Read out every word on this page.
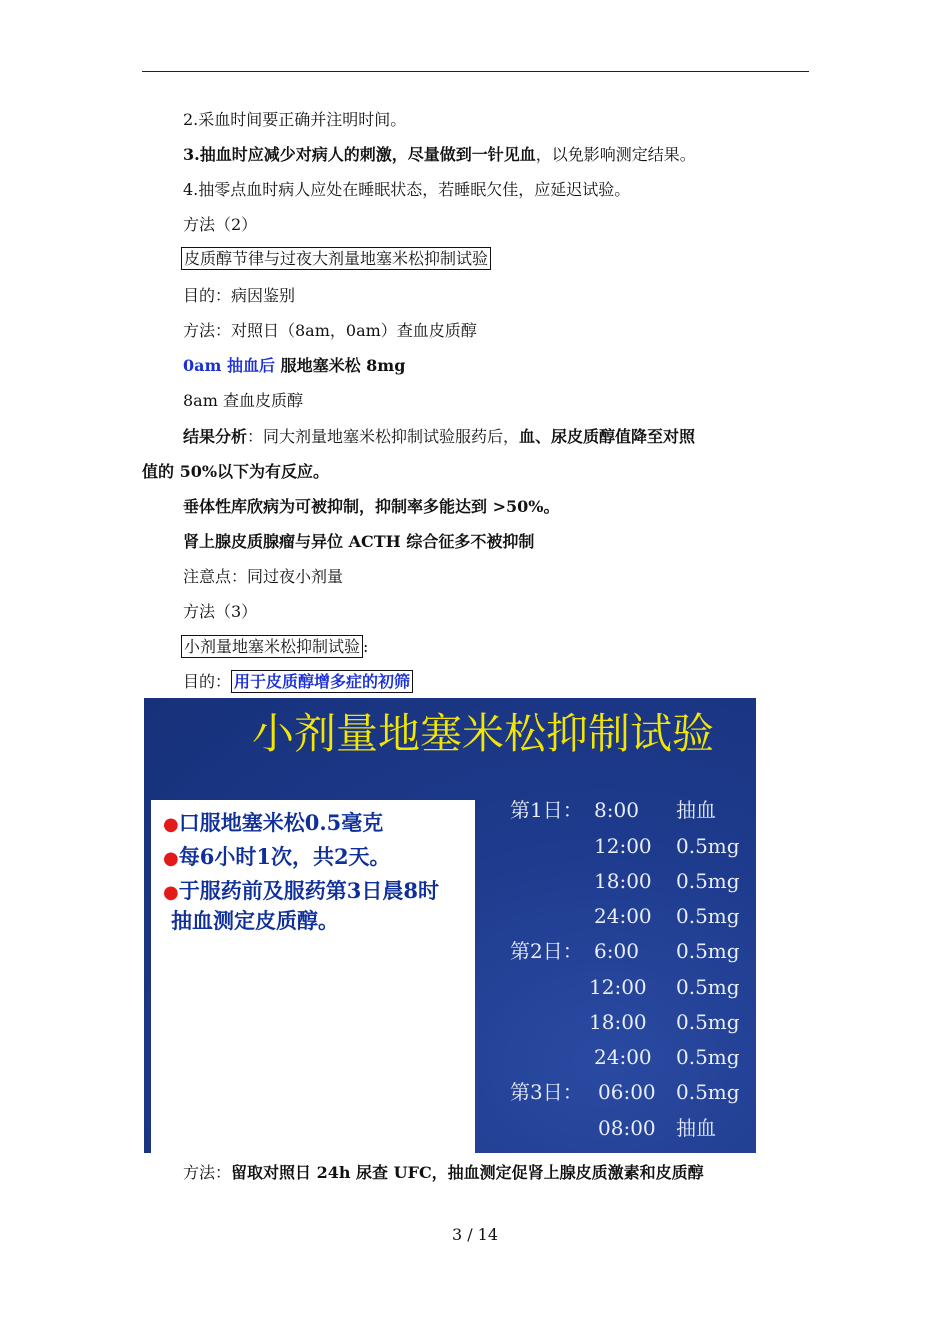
2.采血时间要正确并注明时间。
3.抽血时应减少对病人的刺激，尽量做到一针见血，以免影响测定结果。
4.抽零点血时病人应处在睡眠状态，若睡眠欠佳，应延迟试验。
方法（2）
皮质醇节律与过夜大剂量地塞米松抑制试验
目的：病因鉴别
方法：对照日（8am，0am）查血皮质醇
0am 抽血后 服地塞米松 8mg
8am 查血皮质醇
结果分析：同大剂量地塞米松抑制试验服药后，血、尿皮质醇值降至对照
值的 50%以下为有反应。
垂体性库欣病为可被抑制，抑制率多能达到 >50%。
肾上腺皮质腺瘤与异位 ACTH 综合征多不被抑制
注意点：同过夜小剂量
方法（3）
小剂量地塞米松抑制试验 :
目的： 用于皮质醇增多症的初筛
小剂量地塞米松抑制试验
●口服地塞米松0.5毫克
●每6小时1次，共2天。
●于服药前及服药第3日晨8时
抽血测定皮质醇。
第1日： 8:00 抽血
12:00 0.5mg
18:00 0.5mg
24:00 0.5mg
第2日： 6:00 0.5mg
12:00 0.5mg
18:00 0.5mg
24:00 0.5mg
第3日： 06:00 0.5mg
08:00 抽血
方法：留取对照日 24h 尿查 UFC，抽血测定促肾上腺皮质激素和皮质醇
3 / 14
